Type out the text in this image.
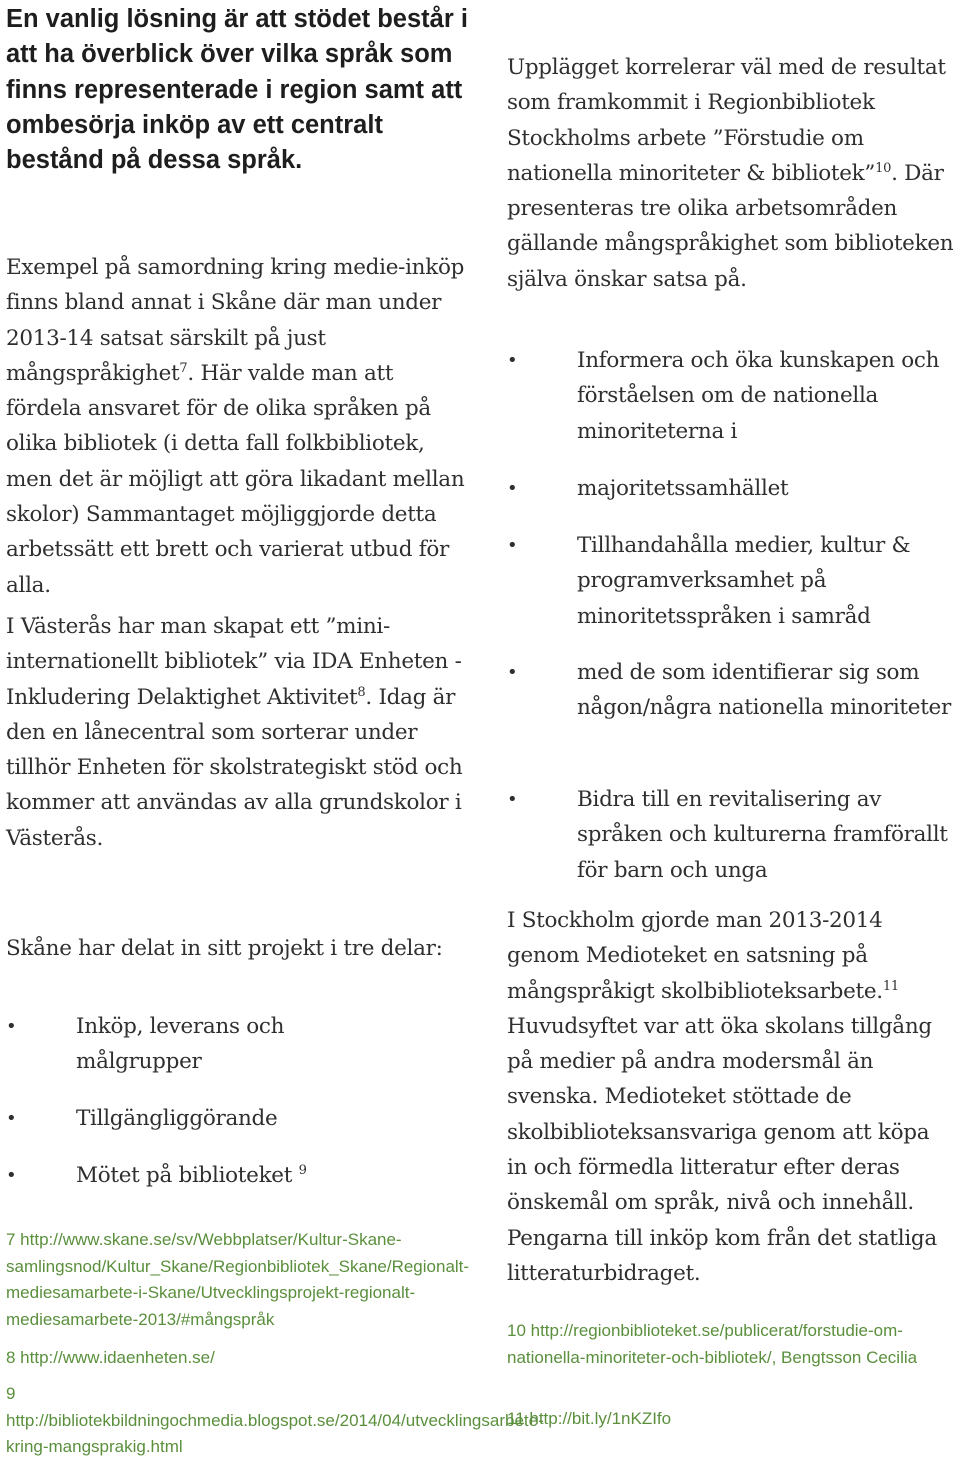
En vanlig lösning är att stödet består i att ha överblick över vilka språk som finns representerade i region samt att ombesörja inköp av ett centralt bestånd på dessa språk.

Exempel på samordning kring medie-inköp finns bland annat i Skåne där man under 2013-14 satsat särskilt på just mångspråkighet$^7$. Här valde man att fördela ansvaret för de olika språken på olika bibliotek (i detta fall folkbibliotek, men det är möjligt att göra likadant mellan skolor) Sammantaget möjliggjorde detta arbetssätt ett brett och varierat utbud för alla.

I Västerås har man skapat ett ”mini-internationellt bibliotek” via IDA Enheten - Inkludering Delaktighet Aktivitet$^8$. Idag är den en lånecentral som sorterar under tillhör Enheten för skolstrategiskt stöd och kommer att användas av alla grundskolor i Västerås.

Skåne har delat in sitt projekt i tre delar:

•	Inköp, leverans och målgrupper
•	Tillgängliggörande
•	Mötet på biblioteket $^9$

7 http://www.skane.se/sv/Webbplatser/Kultur-Skane-samlingsnod/Kultur_Skane/Regionbibliotek_Skane/Regionalt-mediesamarbete-i-Skane/Utvecklingsprojekt-regionalt-mediesamarbete-2013/#mångspråk

8 http://www.idaenheten.se/

9 http://bibliotekbildningochmedia.blogspot.se/2014/04/utvecklingsarbete-kring-mangsprakig.html

Upplägget korrelerar väl med de resultat som framkommit i Regionbibliotek Stockholms arbete ”Förstudie om nationella minoriteter & bibliotek”$^{10}$. Där presenteras tre olika arbetsområden gällande mångspråkighet som biblioteken själva önskar satsa på.

•	Informera och öka kunskapen och förståelsen om de nationella minoriteterna i
•	majoritetssamhället
•	Tillhandahålla medier, kultur & programverksamhet på minoritetsspråken i samråd
•	med de som identifierar sig som någon/några nationella minoriteter
•	Bidra till en revitalisering av språken och kulturerna framförallt för barn och unga

I Stockholm gjorde man 2013-2014 genom Medioteket en satsning på mångspråkigt skolbiblioteksarbete.$^{11}$ Huvudsyftet var att öka skolans tillgång på medier på andra modersmål än svenska. Medioteket stöttade de skolbiblioteksansvariga genom att köpa in och förmedla litteratur efter deras önskemål om språk, nivå och innehåll. Pengarna till inköp kom från det statliga litteraturbidraget.

10 http://regionbiblioteket.se/publicerat/forstudie-om-nationella-minoriteter-och-bibliotek/, Bengtsson Cecilia

11 http://bit.ly/1nKZIfo
